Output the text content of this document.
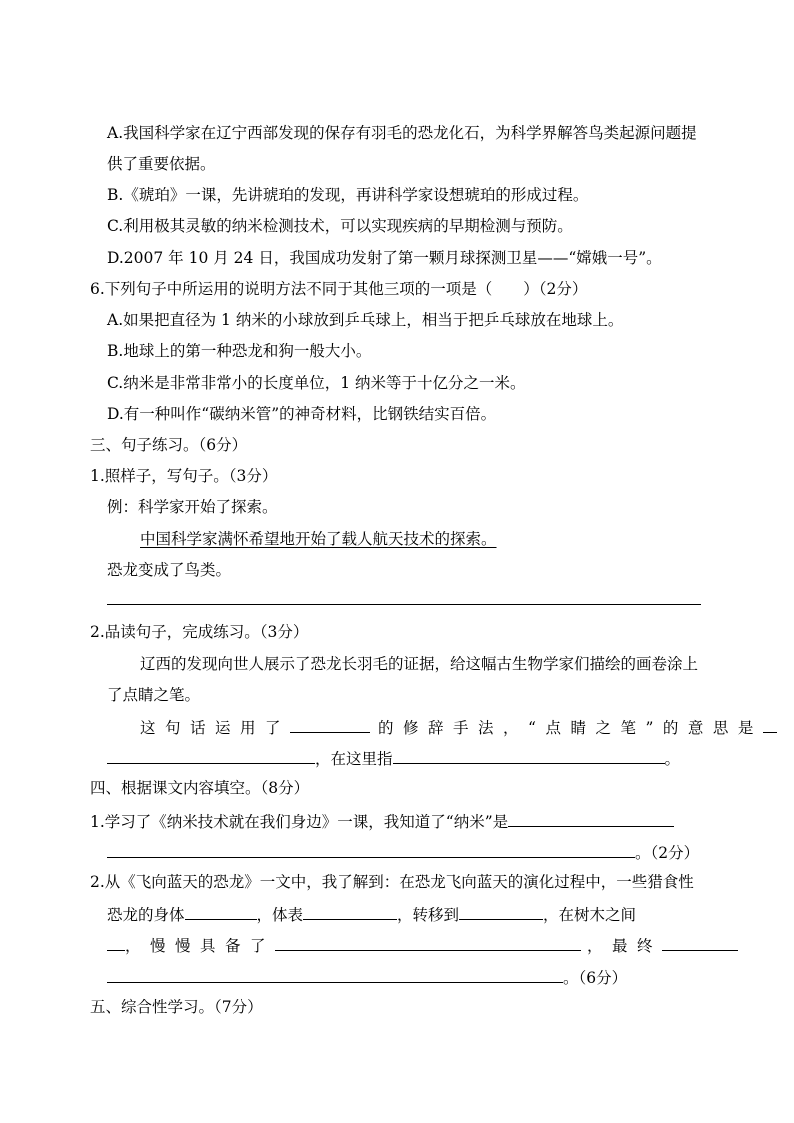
A.我国科学家在辽宁西部发现的保存有羽毛的恐龙化石，为科学界解答鸟类起源问题提
供了重要依据。
B.《琥珀》一课，先讲琥珀的发现，再讲科学家设想琥珀的形成过程。
C.利用极其灵敏的纳米检测技术，可以实现疾病的早期检测与预防。
D.2007 年 10 月 24 日，我国成功发射了第一颗月球探测卫星——“嫦娥一号”。
6.下列句子中所运用的说明方法不同于其他三项的一项是（　　）（2分）
A.如果把直径为 1 纳米的小球放到乒乓球上，相当于把乒乓球放在地球上。
B.地球上的第一种恐龙和狗一般大小。
C.纳米是非常非常小的长度单位，1 纳米等于十亿分之一米。
D.有一种叫作“碳纳米管”的神奇材料，比钢铁结实百倍。
三、句子练习。（6分）
1.照样子，写句子。（3分）
例：科学家开始了探索。
中国科学家满怀希望地开始了载人航天技术的探索。
恐龙变成了鸟类。
2.品读句子，完成练习。（3分）
辽西的发现向世人展示了恐龙长羽毛的证据，给这幅古生物学家们描绘的画卷涂上
了点睛之笔。
这句话运用了	的修辞手法，“点睛之笔”的意思是
，在这里指	。
四、根据课文内容填空。（8分）
1.学习了《纳米技术就在我们身边》一课，我知道了“纳米”是
。（2分）
2.从《飞向蓝天的恐龙》一文中，我了解到：在恐龙飞向蓝天的演化过程中，一些猎食性
恐龙的身体	，体表	，转移到	，在树木之间
，慢慢具备了	，最终
。（6分）
五、综合性学习。（7分）
